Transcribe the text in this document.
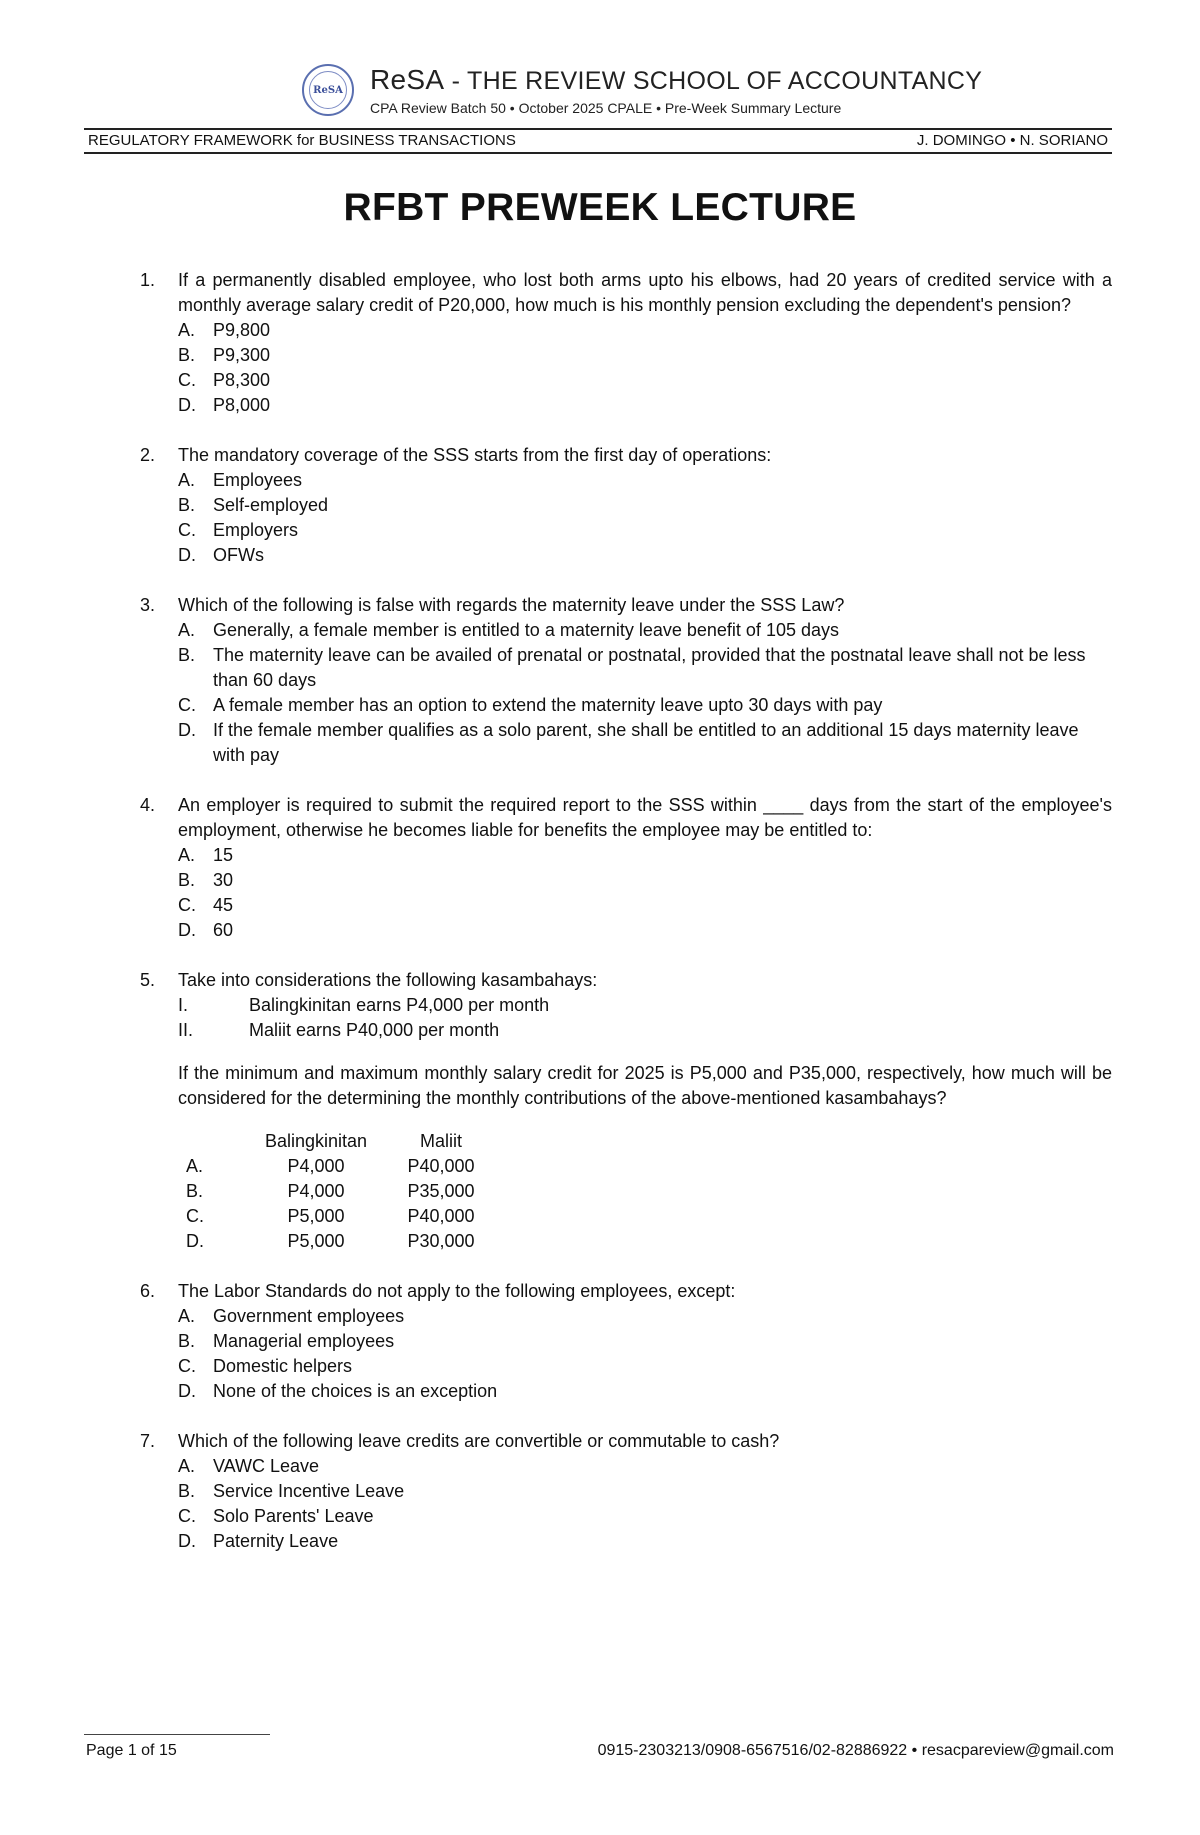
ReSA ReSA - THE REVIEW SCHOOL OF ACCOUNTANCY
CPA Review Batch 50 • October 2025 CPALE • Pre-Week Summary Lecture
REGULATORY FRAMEWORK for BUSINESS TRANSACTIONS	J. DOMINGO • N. SORIANO
RFBT PREWEEK LECTURE
1. If a permanently disabled employee, who lost both arms upto his elbows, had 20 years of credited service with a monthly average salary credit of P20,000, how much is his monthly pension excluding the dependent's pension?
A. P9,800
B. P9,300
C. P8,300
D. P8,000
2. The mandatory coverage of the SSS starts from the first day of operations:
A. Employees
B. Self-employed
C. Employers
D. OFWs
3. Which of the following is false with regards the maternity leave under the SSS Law?
A. Generally, a female member is entitled to a maternity leave benefit of 105 days
B. The maternity leave can be availed of prenatal or postnatal, provided that the postnatal leave shall not be less than 60 days
C. A female member has an option to extend the maternity leave upto 30 days with pay
D. If the female member qualifies as a solo parent, she shall be entitled to an additional 15 days maternity leave with pay
4. An employer is required to submit the required report to the SSS within ____ days from the start of the employee's employment, otherwise he becomes liable for benefits the employee may be entitled to:
A. 15
B. 30
C. 45
D. 60
5. Take into considerations the following kasambahays:
I.	Balingkinitan earns P4,000 per month
II.	Maliit earns P40,000 per month
If the minimum and maximum monthly salary credit for 2025 is P5,000 and P35,000, respectively, how much will be considered for the determining the monthly contributions of the above-mentioned kasambahays?
	Balingkinitan	Maliit
A.	P4,000	P40,000
B.	P4,000	P35,000
C.	P5,000	P40,000
D.	P5,000	P30,000
6. The Labor Standards do not apply to the following employees, except:
A. Government employees
B. Managerial employees
C. Domestic helpers
D. None of the choices is an exception
7. Which of the following leave credits are convertible or commutable to cash?
A. VAWC Leave
B. Service Incentive Leave
C. Solo Parents' Leave
D. Paternity Leave
Page 1 of 15	0915-2303213/0908-6567516/02-82886922 • resacpareview@gmail.com
